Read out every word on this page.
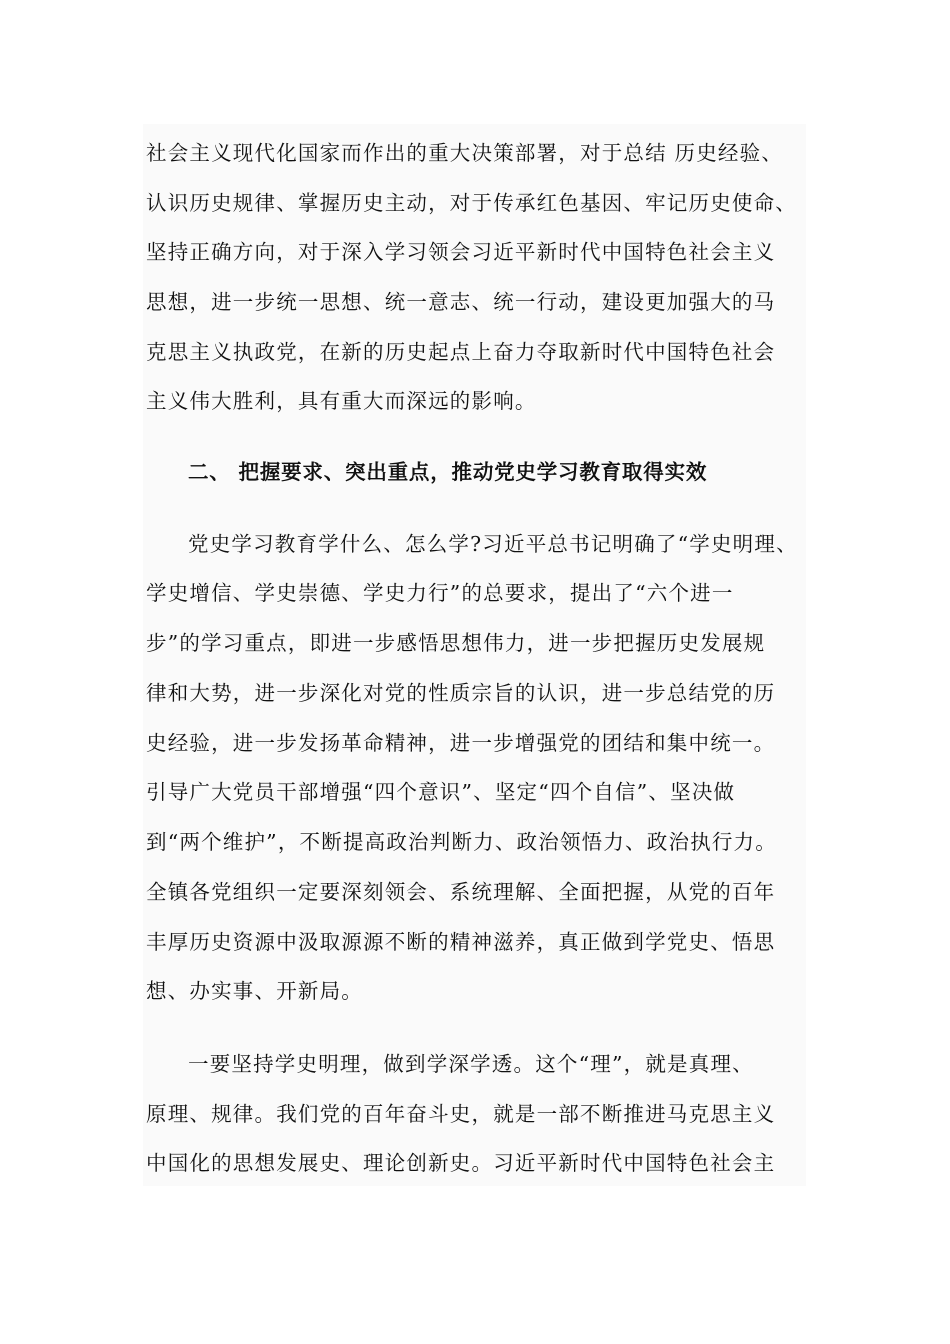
社会主义现代化国家而作出的重大决策部署，对于总结 历史经验、
认识历史规律、掌握历史主动，对于传承红色基因、牢记历史使命、
坚持正确方向，对于深入学习领会习近平新时代中国特色社会主义
思想，进一步统一思想、统一意志、统一行动，建设更加强大的马
克思主义执政党，在新的历史起点上奋力夺取新时代中国特色社会
主义伟大胜利，具有重大而深远的影响。
二、 把握要求、突出重点，推动党史学习教育取得实效
党史学习教育学什么、怎么学?习近平总书记明确了“学史明理、
学史增信、学史崇德、学史力行”的总要求，提出了“六个进一
步”的学习重点，即进一步感悟思想伟力，进一步把握历史发展规
律和大势，进一步深化对党的性质宗旨的认识，进一步总结党的历
史经验，进一步发扬革命精神，进一步增强党的团结和集中统一。
引导广大党员干部增强“四个意识”、坚定“四个自信”、坚决做
到“两个维护”，不断提高政治判断力、政治领悟力、政治执行力。
全镇各党组织一定要深刻领会、系统理解、全面把握，从党的百年
丰厚历史资源中汲取源源不断的精神滋养，真正做到学党史、悟思
想、办实事、开新局。
一要坚持学史明理，做到学深学透。这个“理”，就是真理、
原理、规律。我们党的百年奋斗史，就是一部不断推进马克思主义
中国化的思想发展史、理论创新史。习近平新时代中国特色社会主
